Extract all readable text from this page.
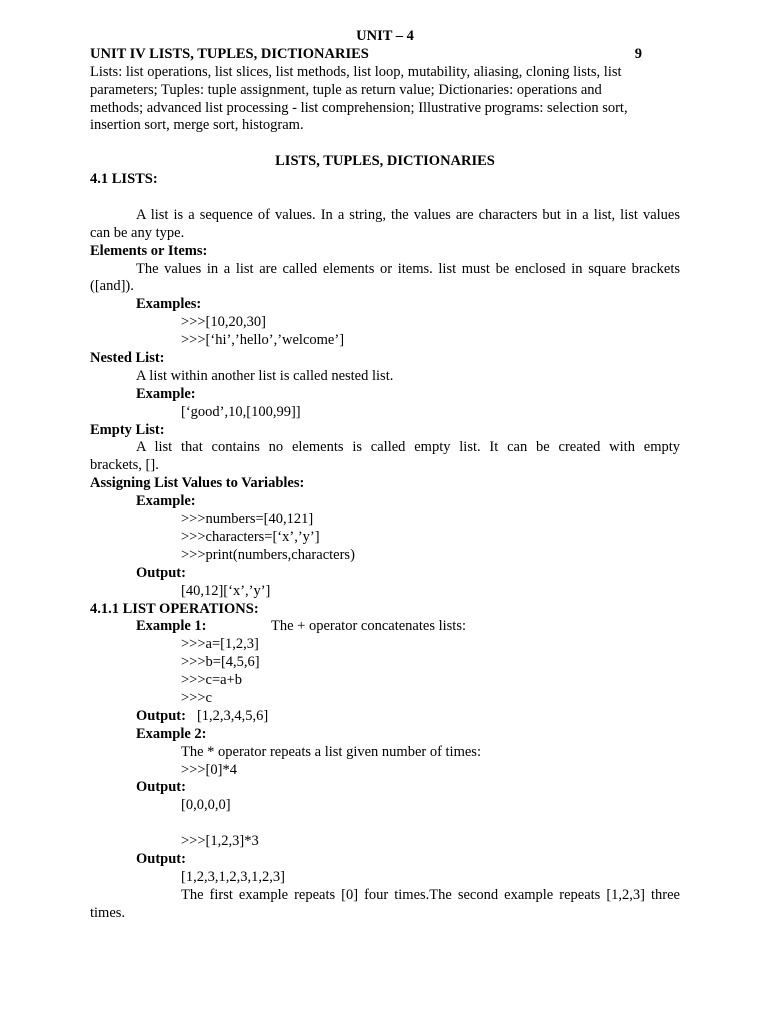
UNIT – 4
UNIT IV LISTS, TUPLES, DICTIONARIES	9
Lists: list operations, list slices, list methods, list loop, mutability, aliasing, cloning lists, list
parameters; Tuples: tuple assignment, tuple as return value; Dictionaries: operations and
methods; advanced list processing - list comprehension; Illustrative programs: selection sort,
insertion sort, merge sort, histogram.
LISTS, TUPLES, DICTIONARIES
4.1 LISTS:
A list is a sequence of values. In a string, the values are characters but in a list, list values
can be any type.
Elements or Items:
The values in a list are called elements or items. list must be enclosed in square brackets
([and]).
Examples:
>>>[10,20,30]
>>>[‘hi’,’hello’,’welcome’]
Nested List:
A list within another list is called nested list.
Example:
[‘good’,10,[100,99]]
Empty List:
A list that contains no elements is called empty list. It can be created with empty
brackets, [].
Assigning List Values to Variables:
Example:
>>>numbers=[40,121]
>>>characters=[‘x’,’y’]
>>>print(numbers,characters)
Output:
[40,12][‘x’,’y’]
4.1.1 LIST OPERATIONS:
Example 1:	The + operator concatenates lists:
>>>a=[1,2,3]
>>>b=[4,5,6]
>>>c=a+b
>>>c
Output: [1,2,3,4,5,6]
Example 2:
The * operator repeats a list given number of times:
>>>[0]*4
Output:
[0,0,0,0]
>>>[1,2,3]*3
Output:
[1,2,3,1,2,3,1,2,3]
The first example repeats [0] four times.The second example repeats [1,2,3] three
times.
